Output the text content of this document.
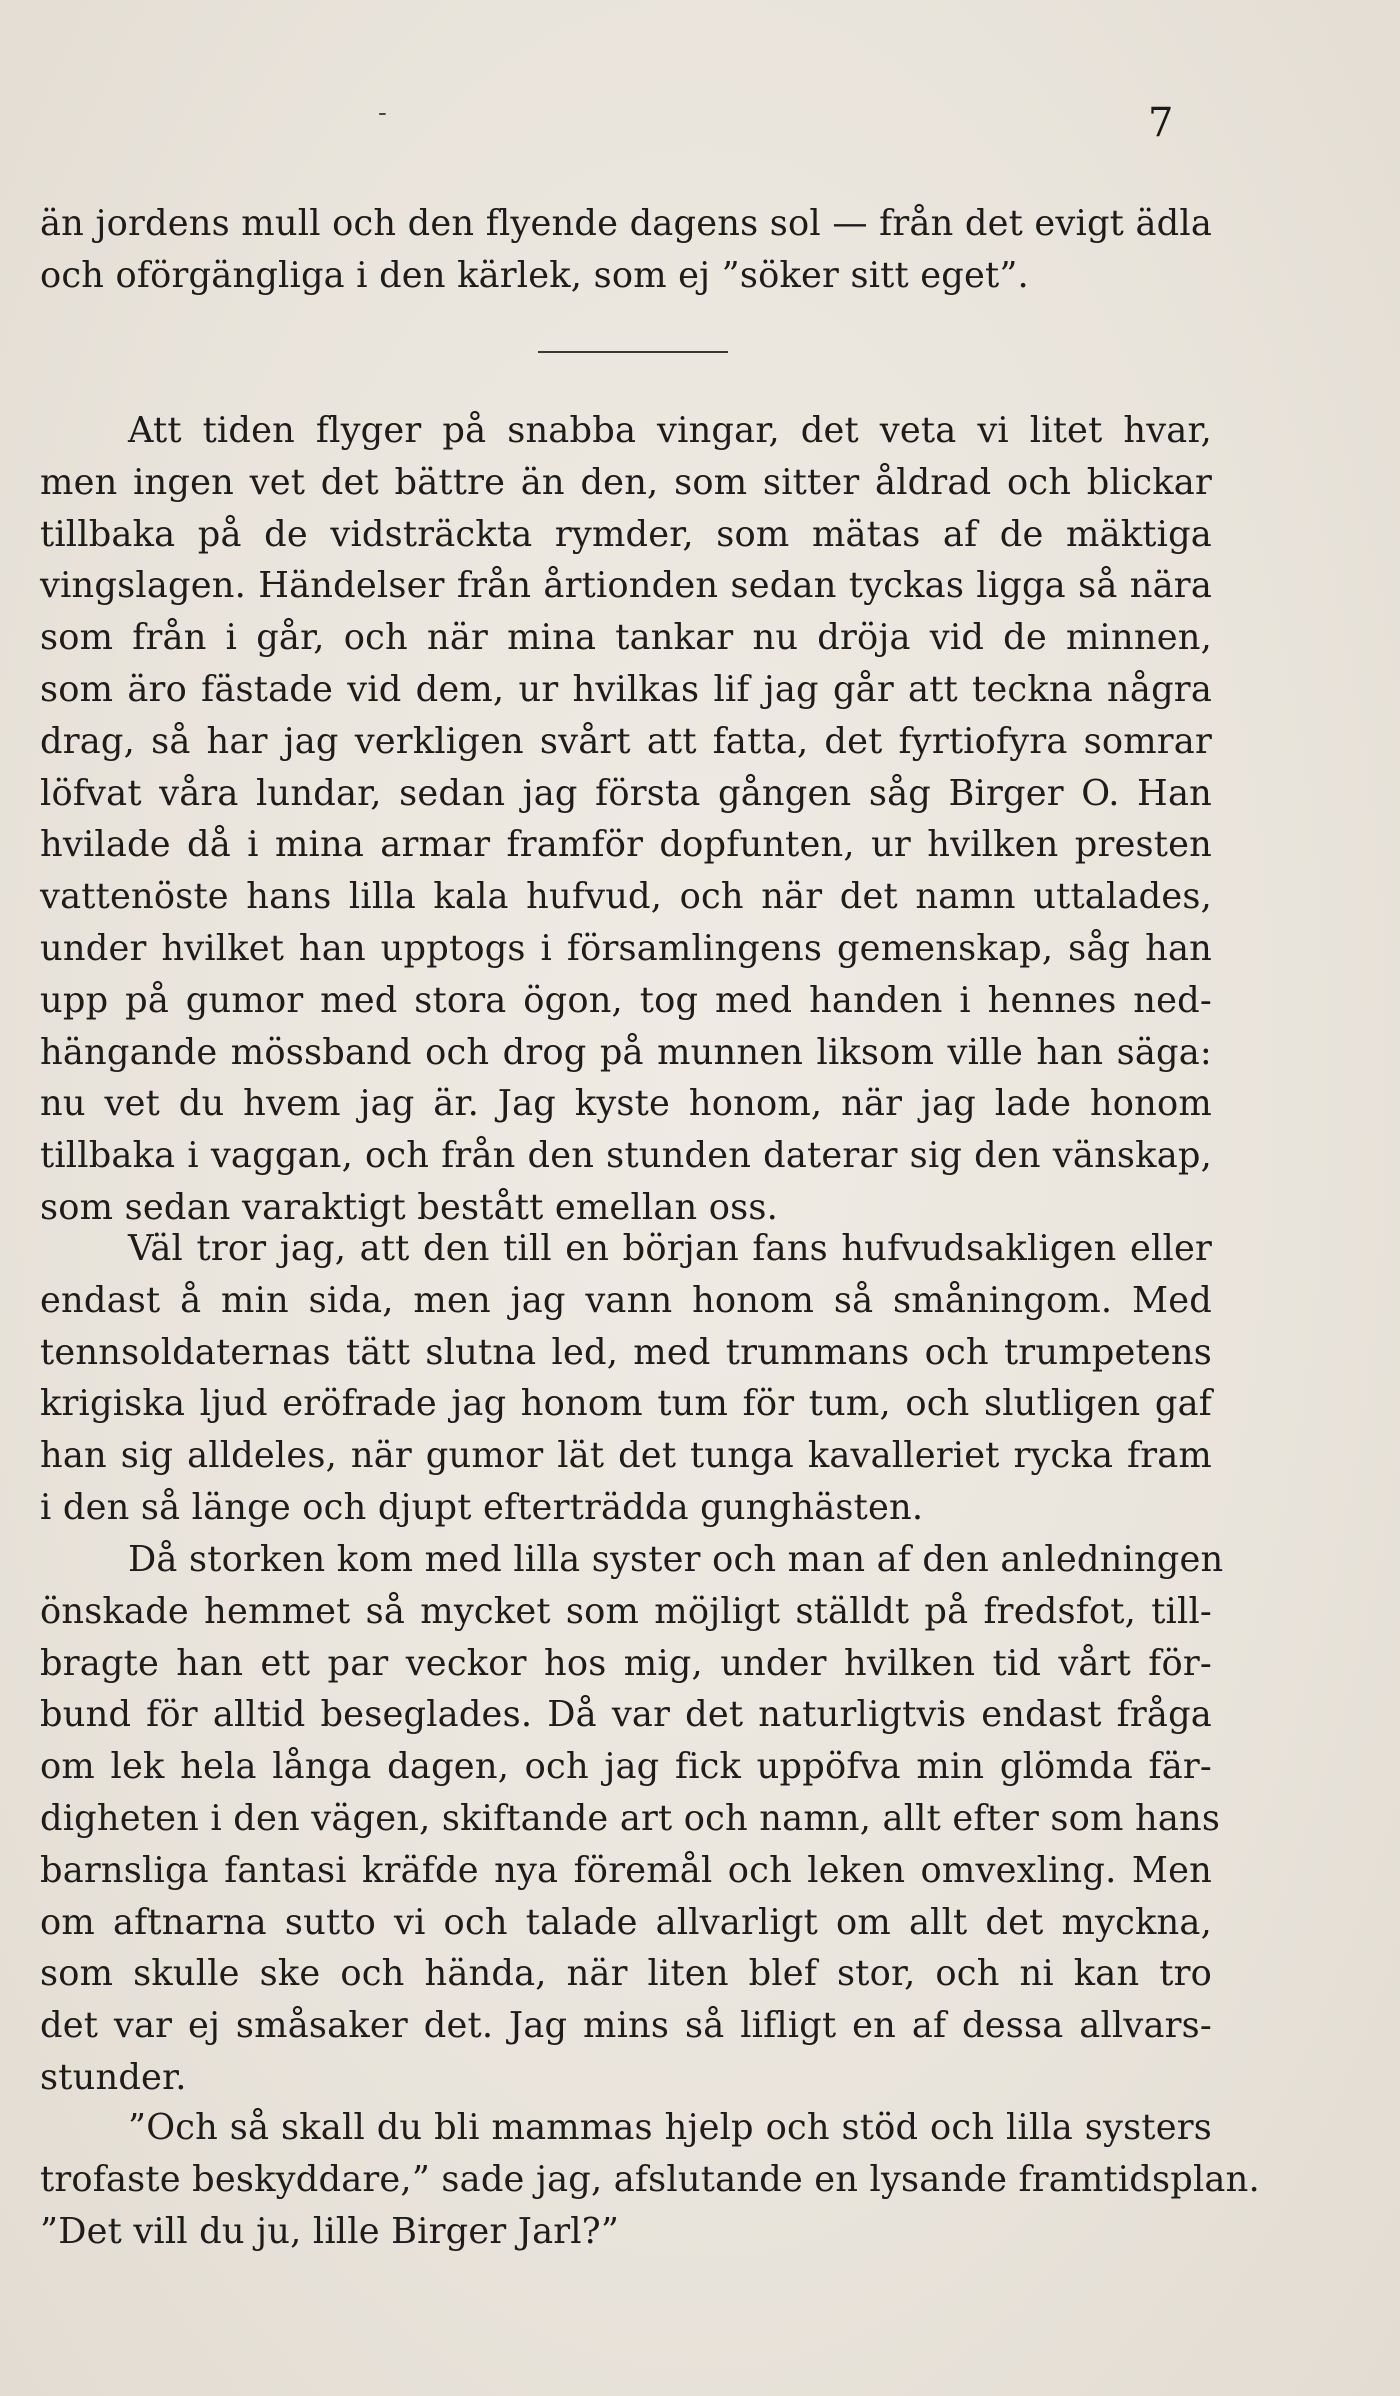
-	7
än jordens mull och den flyende dagens sol — från det evigt ädla
och oförgängliga i den kärlek, som ej ”söker sitt eget”.
Att tiden flyger på snabba vingar, det veta vi litet hvar,
men ingen vet det bättre än den, som sitter åldrad och blickar
tillbaka på de vidsträckta rymder, som mätas af de mäktiga
vingslagen. Händelser från årtionden sedan tyckas ligga så nära
som från i går, och när mina tankar nu dröja vid de minnen,
som äro fästade vid dem, ur hvilkas lif jag går att teckna några
drag, så har jag verkligen svårt att fatta, det fyrtiofyra somrar
löfvat våra lundar, sedan jag första gången såg Birger O. Han
hvilade då i mina armar framför dopfunten, ur hvilken presten
vattenöste hans lilla kala hufvud, och när det namn uttalades,
under hvilket han upptogs i församlingens gemenskap, såg han
upp på gumor med stora ögon, tog med handen i hennes ned-
hängande mössband och drog på munnen liksom ville han säga:
nu vet du hvem jag är. Jag kyste honom, när jag lade honom
tillbaka i vaggan, och från den stunden daterar sig den vänskap,
som sedan varaktigt bestått emellan oss.
Väl tror jag, att den till en början fans hufvudsakligen eller
endast å min sida, men jag vann honom så småningom. Med
tennsoldaternas tätt slutna led, med trummans och trumpetens
krigiska ljud eröfrade jag honom tum för tum, och slutligen gaf
han sig alldeles, när gumor lät det tunga kavalleriet rycka fram
i den så länge och djupt efterträdda gunghästen.
Då storken kom med lilla syster och man af den anledningen
önskade hemmet så mycket som möjligt ställdt på fredsfot, till-
bragte han ett par veckor hos mig, under hvilken tid vårt för-
bund för alltid beseglades. Då var det naturligtvis endast fråga
om lek hela långa dagen, och jag fick uppöfva min glömda fär-
digheten i den vägen, skiftande art och namn, allt efter som hans
barnsliga fantasi kräfde nya föremål och leken omvexling. Men
om aftnarna sutto vi och talade allvarligt om allt det myckna,
som skulle ske och hända, när liten blef stor, och ni kan tro
det var ej småsaker det. Jag mins så lifligt en af dessa allvars-
stunder.
”Och så skall du bli mammas hjelp och stöd och lilla systers
trofaste beskyddare,” sade jag, afslutande en lysande framtidsplan.
”Det vill du ju, lille Birger Jarl?”
